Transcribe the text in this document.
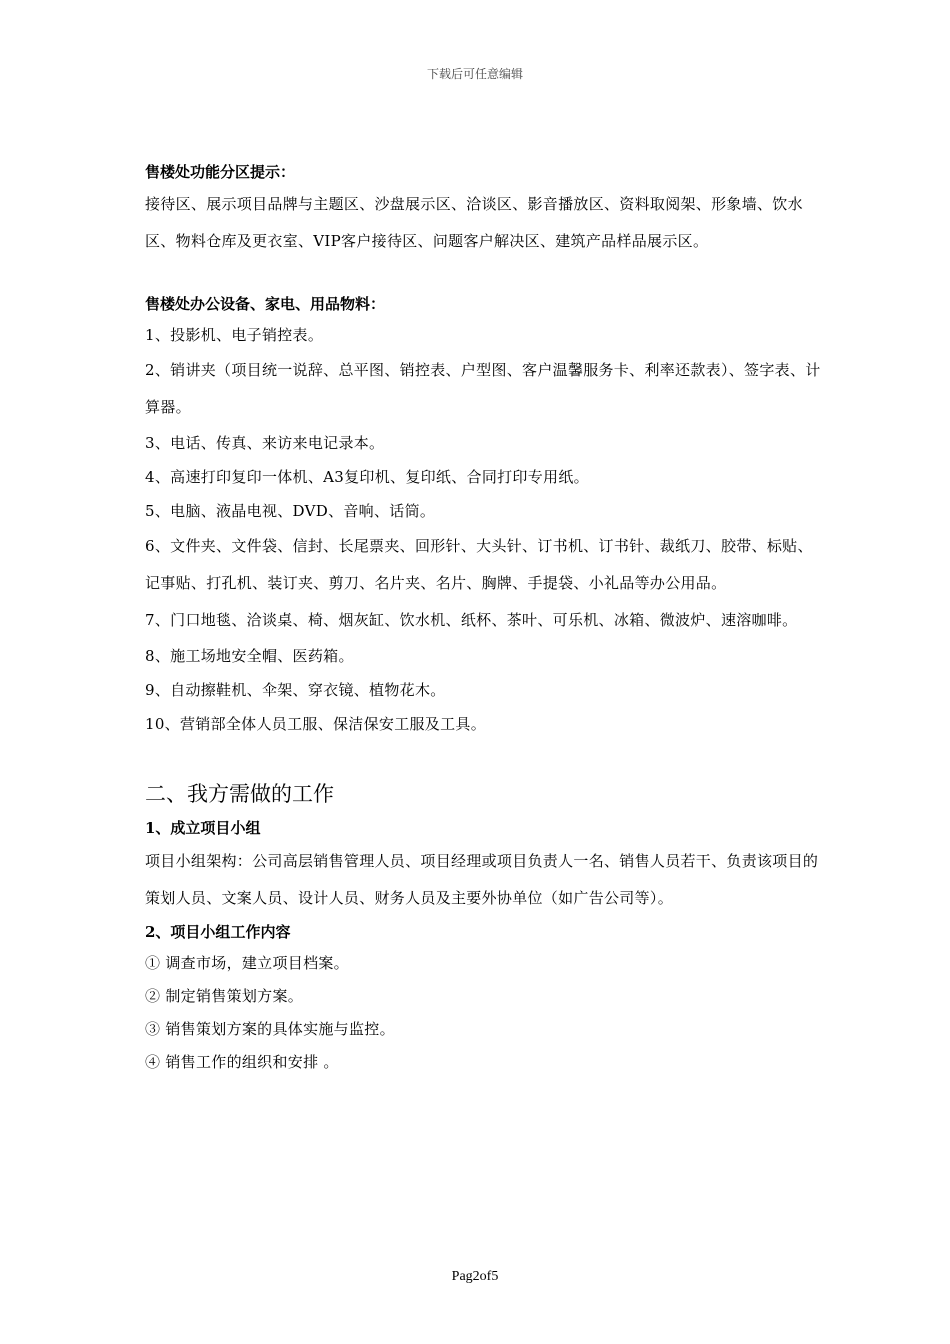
下载后可任意编辑

售楼处功能分区提示：

接待区、展示项目品牌与主题区、沙盘展示区、洽谈区、影音播放区、资料取阅架、形象墙、饮水区、物料仓库及更衣室、VIP客户接待区、问题客户解决区、建筑产品样品展示区。

售楼处办公设备、家电、用品物料：

1、投影机、电子销控表。

2、销讲夹（项目统一说辞、总平图、销控表、户型图、客户温馨服务卡、利率还款表）、签字表、计算器。

3、电话、传真、来访来电记录本。

4、高速打印复印一体机、A3复印机、复印纸、合同打印专用纸。

5、电脑、液晶电视、DVD、音响、话筒。

6、文件夹、文件袋、信封、长尾票夹、回形针、大头针、订书机、订书针、裁纸刀、胶带、标贴、记事贴、打孔机、装订夹、剪刀、名片夹、名片、胸牌、手提袋、小礼品等办公用品。

7、门口地毯、洽谈桌、椅、烟灰缸、饮水机、纸杯、茶叶、可乐机、冰箱、微波炉、速溶咖啡。

8、施工场地安全帽、医药箱。

9、自动擦鞋机、伞架、穿衣镜、植物花木。

10、营销部全体人员工服、保洁保安工服及工具。

二、我方需做的工作

1、成立项目小组

项目小组架构：公司高层销售管理人员、项目经理或项目负责人一名、销售人员若干、负责该项目的策划人员、文案人员、设计人员、财务人员及主要外协单位（如广告公司等）。

2、项目小组工作内容

① 调查市场，建立项目档案。

② 制定销售策划方案。

③ 销售策划方案的具体实施与监控。

④ 销售工作的组织和安排 。

Pag2of5
